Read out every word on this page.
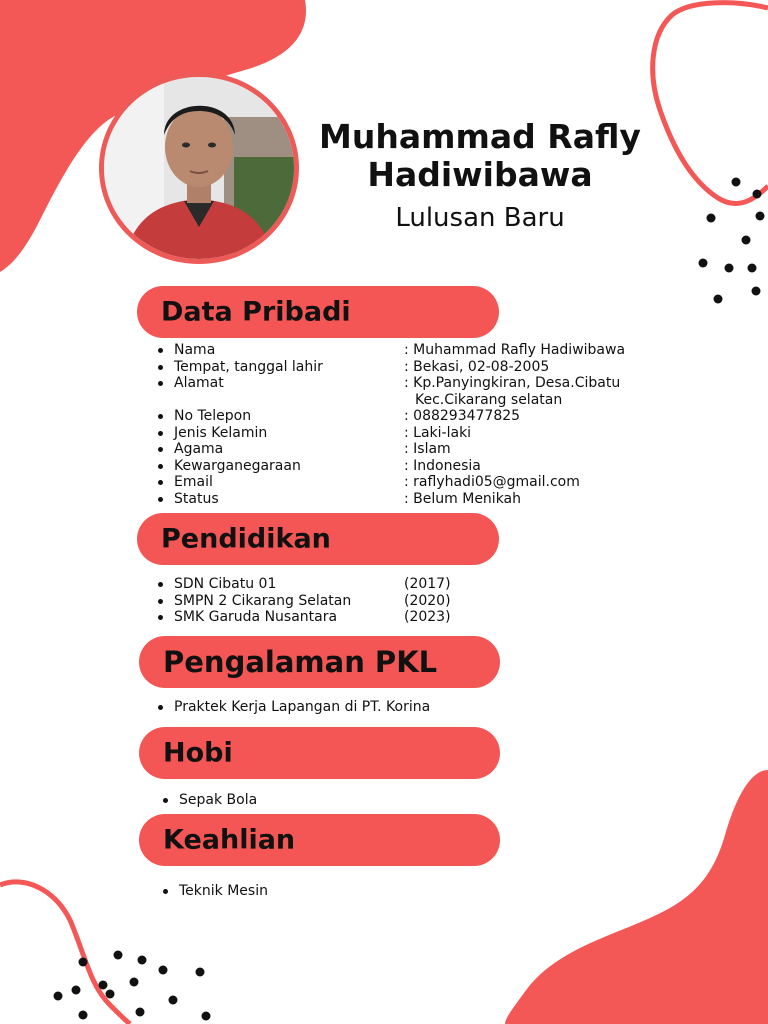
Muhammad Rafly
Hadiwibawa
Lulusan Baru
Data Pribadi
Nama
Tempat, tanggal lahir
Alamat
No Telepon
Jenis Kelamin
Agama
Kewarganegaraan
Email
Status
: Muhammad Rafly Hadiwibawa
: Bekasi, 02-08-2005
: Kp.Panyingkiran, Desa.Cibatu
Kec.Cikarang selatan
: 088293477825
: Laki-laki
: Islam
: Indonesia
: raflyhadi05@gmail.com
: Belum Menikah
Pendidikan
SDN Cibatu 01
SMPN 2 Cikarang Selatan
SMK Garuda Nusantara
(2017)
(2020)
(2023)
Pengalaman PKL
Praktek Kerja Lapangan di PT. Korina
Hobi
Sepak Bola
Keahlian
Teknik Mesin
